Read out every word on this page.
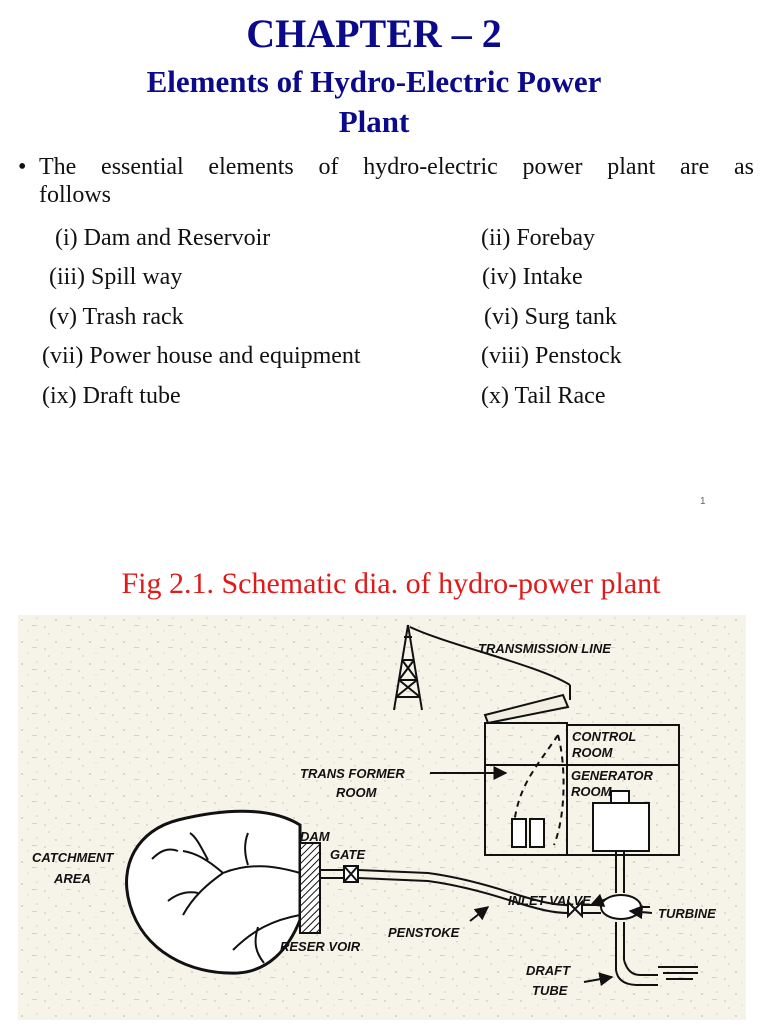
CHAPTER – 2
Elements of Hydro-Electric Power
Plant
• The essential elements of hydro-electric power plant are as
follows
(i) Dam and Reservoir	(ii) Forebay
(iii) Spill way	(iv) Intake
(v) Trash rack	(vi) Surg tank
(vii) Power house and equipment	(viii) Penstock
(ix) Draft tube	(x) Tail Race
1
Fig 2.1. Schematic dia. of hydro-power plant
TRANSMISSION LINE
CONTROL
ROOM
GENERATOR
ROOM
TRANS FORMER
ROOM
DAM
GATE
CATCHMENT
AREA
RESER VOIR
PENSTOKE
INLET VALVE
TURBINE
DRAFT
TUBE
